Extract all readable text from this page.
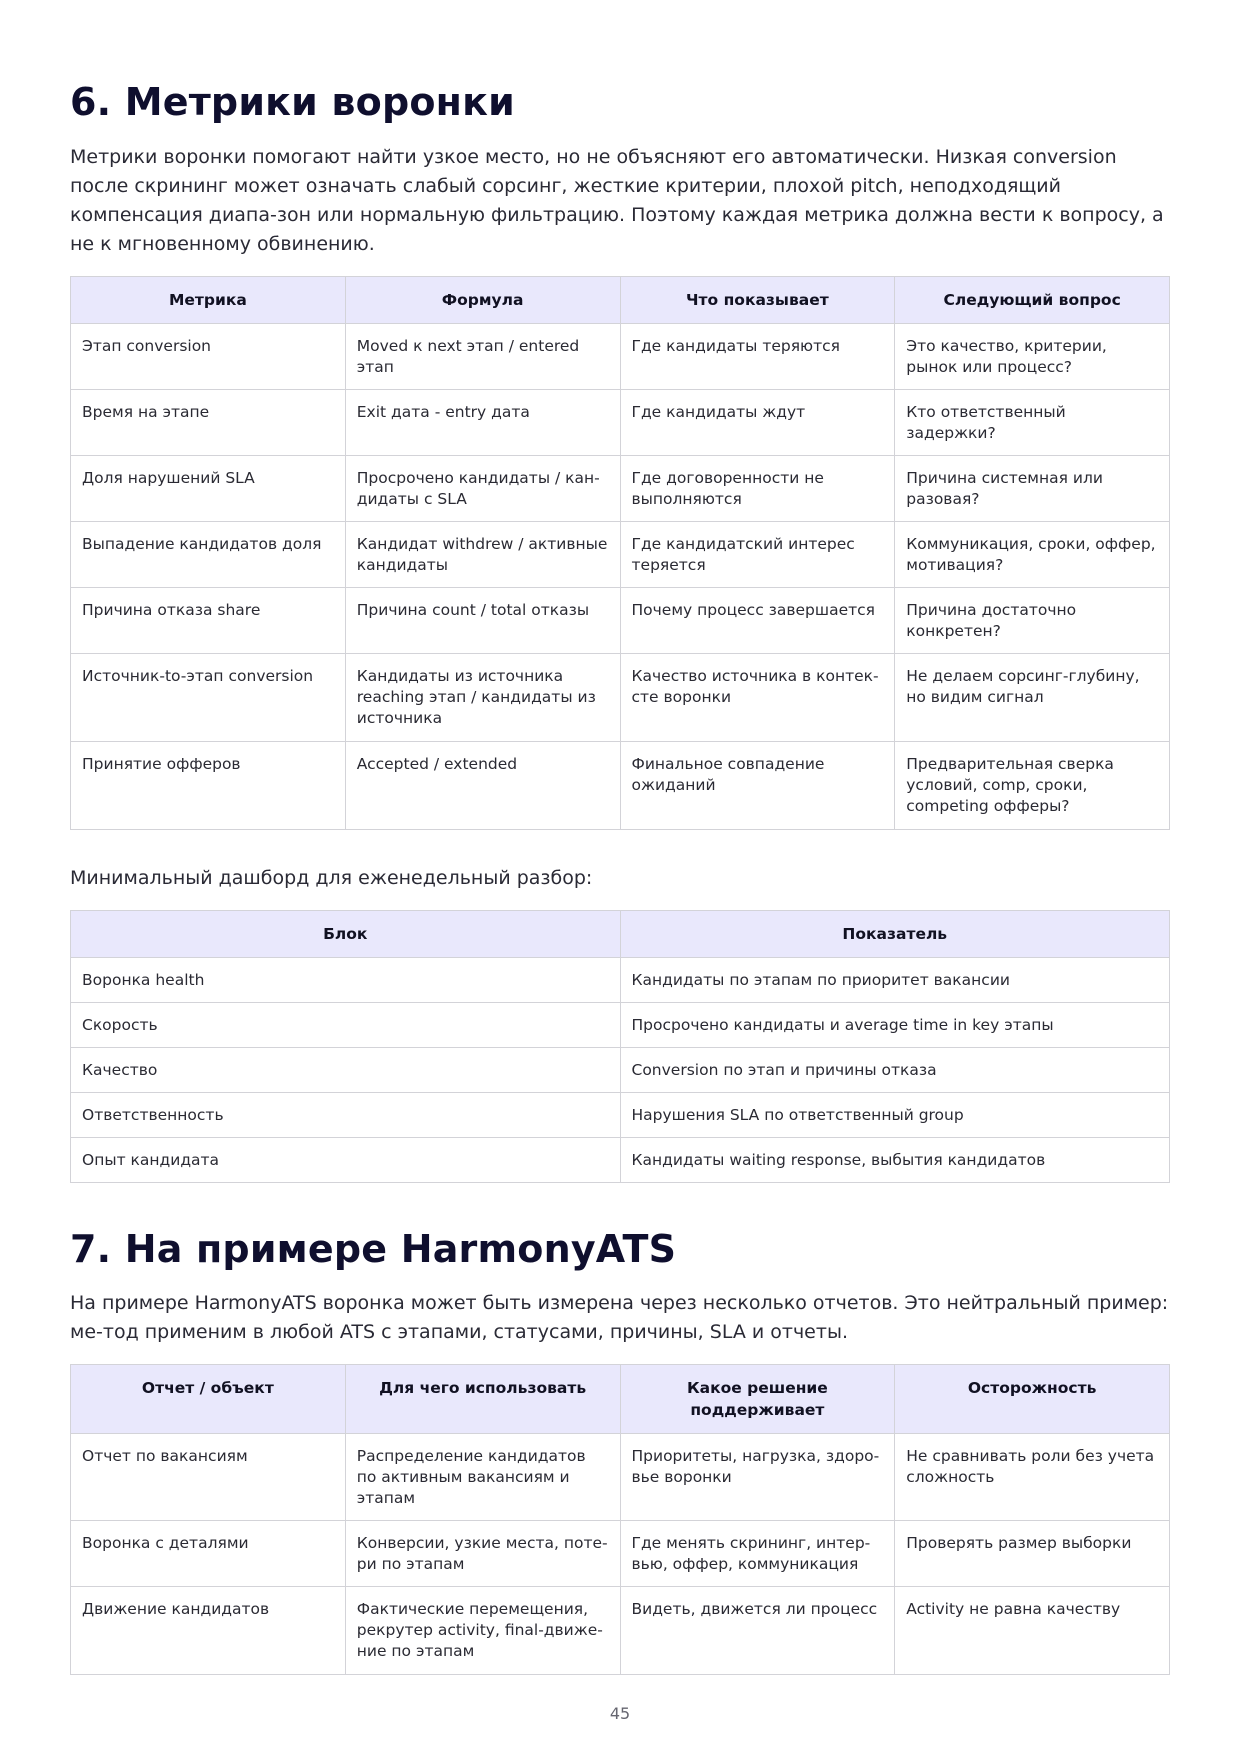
6. Метрики воронки

Метрики воронки помогают найти узкое место, но не объясняют его автоматически. Низкая conversion после скрининг может означать слабый сорсинг, жесткие критерии, плохой pitch, неподходящий компенсация диапа-зон или нормальную фильтрацию. Поэтому каждая метрика должна вести к вопросу, а не к мгновенному обвинению.

Метрика	Формула	Что показывает	Следующий вопрос
Этап conversion	Moved к next этап / entered этап	Где кандидаты теряются	Это качество, критерии, рынок или процесс?
Время на этапе	Exit дата - entry дата	Где кандидаты ждут	Кто ответственный задержки?
Доля нарушений SLA	Просрочено кандидаты / кан-дидаты с SLA	Где договоренности не выполняются	Причина системная или разовая?
Выпадение кандидатов доля	Кандидат withdrew / активные кандидаты	Где кандидатский интерес теряется	Коммуникация, сроки, оффер, мотивация?
Причина отказа share	Причина count / total отказы	Почему процесс завершается	Причина достаточно конкретен?
Источник-to-этап conversion	Кандидаты из источника reaching этап / кандидаты из источника	Качество источника в контек-сте воронки	Не делаем сорсинг-глубину, но видим сигнал
Принятие офферов	Accepted / extended	Финальное совпадение ожиданий	Предварительная сверка условий, comp, сроки, competing офферы?

Минимальный дашборд для еженедельный разбор:

Блок	Показатель
Воронка health	Кандидаты по этапам по приоритет вакансии
Скорость	Просрочено кандидаты и average time in key этапы
Качество	Conversion по этап и причины отказа
Ответственность	Нарушения SLA по ответственный group
Опыт кандидата	Кандидаты waiting response, выбытия кандидатов
7. На примере HarmonyATS

На примере HarmonyATS воронка может быть измерена через несколько отчетов. Это нейтральный пример: ме-тод применим в любой ATS с этапами, статусами, причины, SLA и отчеты.

Отчет / объект	Для чего использовать	Какое решение поддерживает	Осторожность
Отчет по вакансиям	Распределение кандидатов по активным вакансиям и этапам	Приоритеты, нагрузка, здоро-вье воронки	Не сравнивать роли без учета сложность
Воронка с деталями	Конверсии, узкие места, поте-ри по этапам	Где менять скрининг, интер-вью, оффер, коммуникация	Проверять размер выборки
Движение кандидатов	Фактические перемещения, рекрутер activity, final-движе-ние по этапам	Видеть, движется ли процесс	Activity не равна качеству
45
